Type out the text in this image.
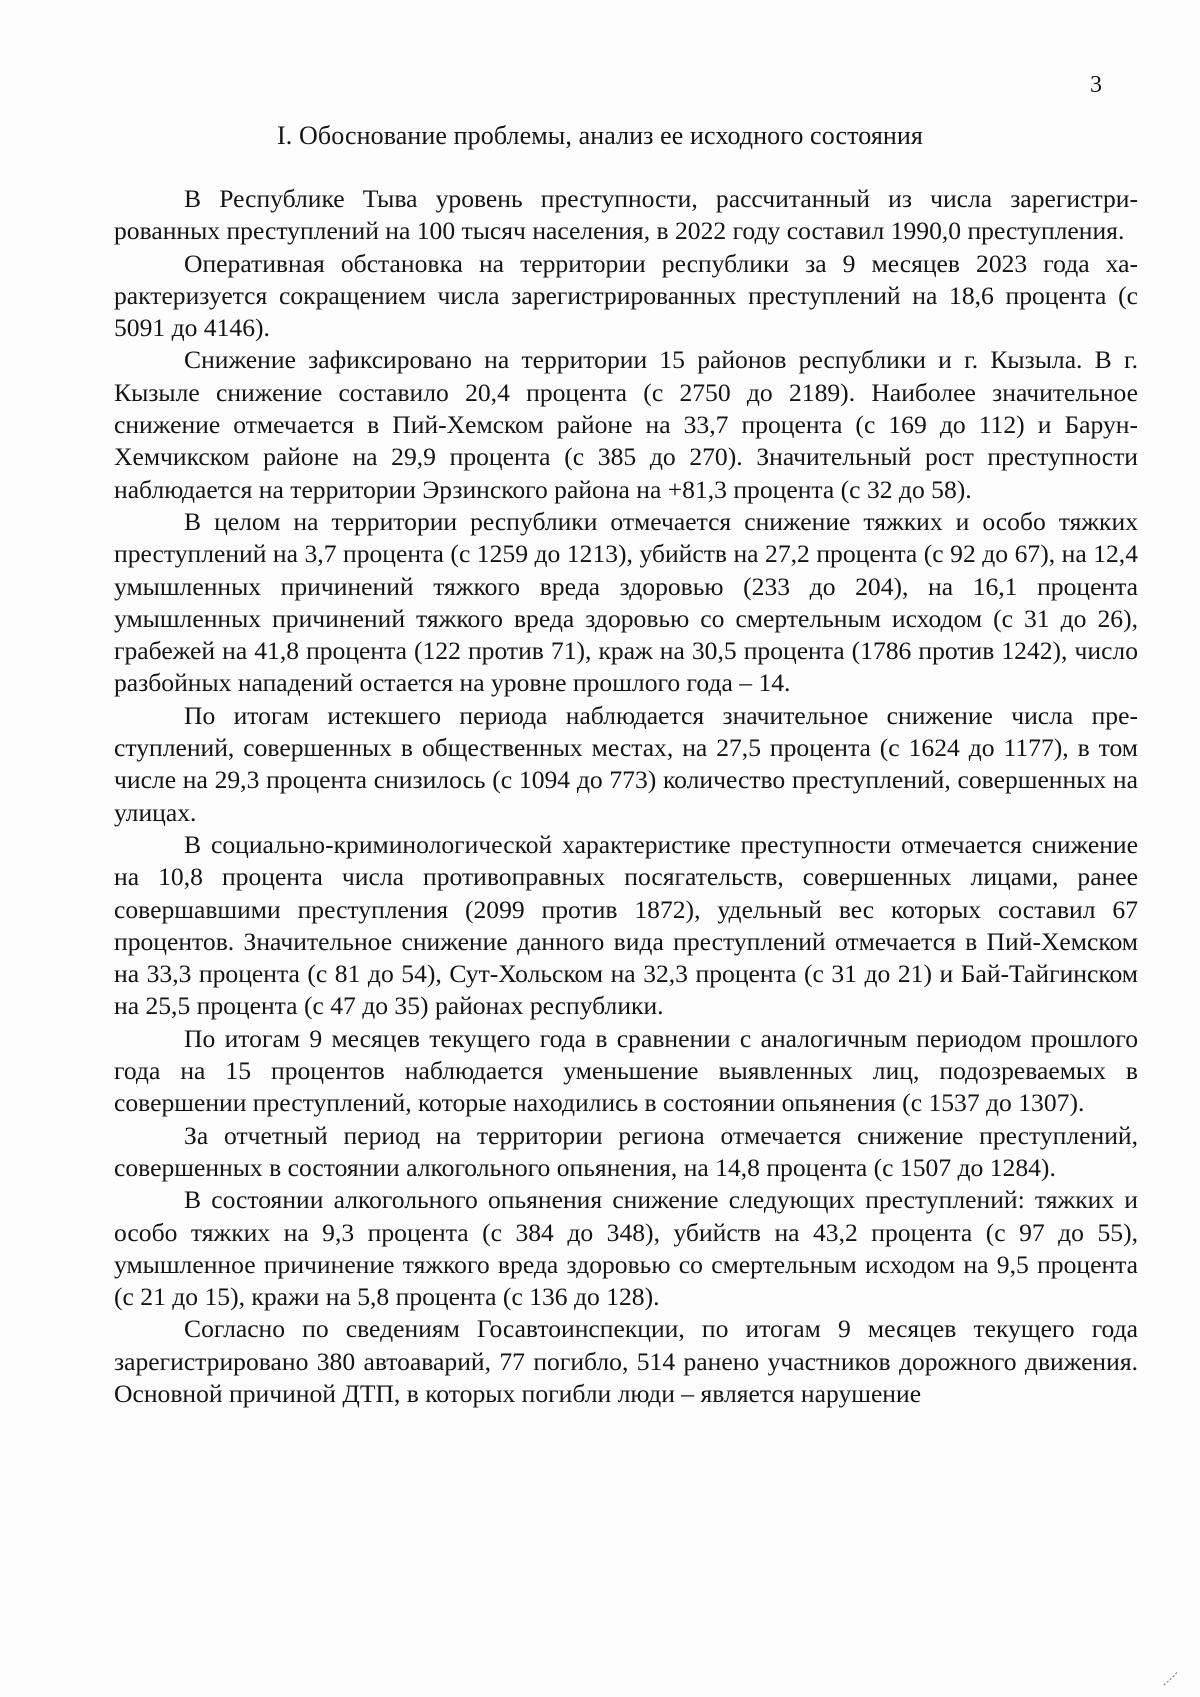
3
I. Обоснование проблемы, анализ ее исходного состояния

В Республике Тыва уровень преступности, рассчитанный из числа зарегистрированных преступлений на 100 тысяч населения, в 2022 году составил 1990,0 преступления.

Оперативная обстановка на территории республики за 9 месяцев 2023 года характеризуется сокращением числа зарегистрированных преступлений на 18,6 процента (с 5091 до 4146).

Снижение зафиксировано на территории 15 районов республики и г. Кызыла. В г. Кызыле снижение составило 20,4 процента (с 2750 до 2189). Наиболее значительное снижение отмечается в Пий-Хемском районе на 33,7 процента (с 169 до 112) и Барун-Хемчикском районе на 29,9 процента (с 385 до 270). Значительный рост преступности наблюдается на территории Эрзинского района на +81,3 процента (с 32 до 58).

В целом на территории республики отмечается снижение тяжких и особо тяжких преступлений на 3,7 процента (с 1259 до 1213), убийств на 27,2 процента (с 92 до 67), на 12,4 умышленных причинений тяжкого вреда здоровью (233 до 204), на 16,1 процента умышленных причинений тяжкого вреда здоровью со смертельным исходом (с 31 до 26), грабежей на 41,8 процента (122 против 71), краж на 30,5 процента (1786 против 1242), число разбойных нападений остается на уровне прошлого года – 14.

По итогам истекшего периода наблюдается значительное снижение числа преступлений, совершенных в общественных местах, на 27,5 процента (с 1624 до 1177), в том числе на 29,3 процента снизилось (с 1094 до 773) количество преступлений, совершенных на улицах.

В социально-криминологической характеристике преступности отмечается снижение на 10,8 процента числа противоправных посягательств, совершенных лицами, ранее совершавшими преступления (2099 против 1872), удельный вес которых составил 67 процентов. Значительное снижение данного вида преступлений отмечается в Пий-Хемском на 33,3 процента (с 81 до 54), Сут-Хольском на 32,3 процента (с 31 до 21) и Бай-Тайгинском на 25,5 процента (с 47 до 35) районах республики.

По итогам 9 месяцев текущего года в сравнении с аналогичным периодом прошлого года на 15 процентов наблюдается уменьшение выявленных лиц, подозреваемых в совершении преступлений, которые находились в состоянии опьянения (с 1537 до 1307).

За отчетный период на территории региона отмечается снижение преступлений, совершенных в состоянии алкогольного опьянения, на 14,8 процента (с 1507 до 1284).

В состоянии алкогольного опьянения снижение следующих преступлений: тяжких и особо тяжких на 9,3 процента (с 384 до 348), убийств на 43,2 процента (с 97 до 55), умышленное причинение тяжкого вреда здоровью со смертельным исходом на 9,5 процента (с 21 до 15), кражи на 5,8 процента (с 136 до 128).

Согласно по сведениям Госавтоинспекции, по итогам 9 месяцев текущего года зарегистрировано 380 автоаварий, 77 погибло, 514 ранено участников дорожного движения. Основной причиной ДТП, в которых погибли люди – является нарушение
